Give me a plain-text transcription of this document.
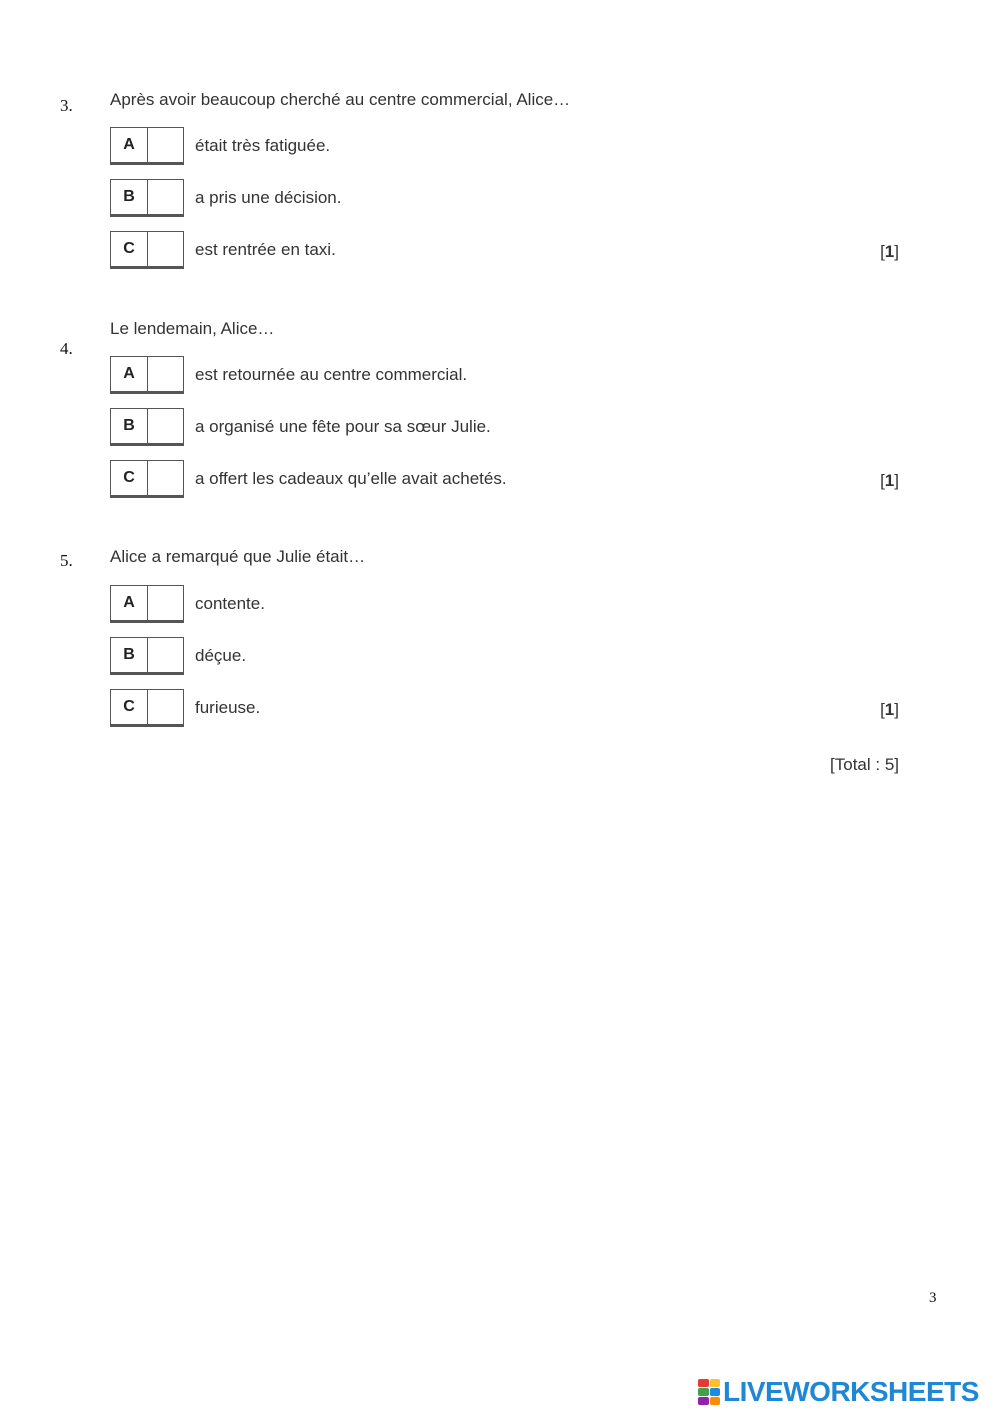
3. Après avoir beaucoup cherché au centre commercial, Alice…
A	était très fatiguée.
B	a pris une décision.
C	est rentrée en taxi.	[1]
Le lendemain, Alice…
4.
A	est retournée au centre commercial.
B	a organisé une fête pour sa sœur Julie.
C	a offert les cadeaux qu’elle avait achetés.	[1]
5. Alice a remarqué que Julie était…
A	contente.
B	déçue.
C	furieuse.	[1]
[Total : 5]
3
LIVEWORKSHEETS
